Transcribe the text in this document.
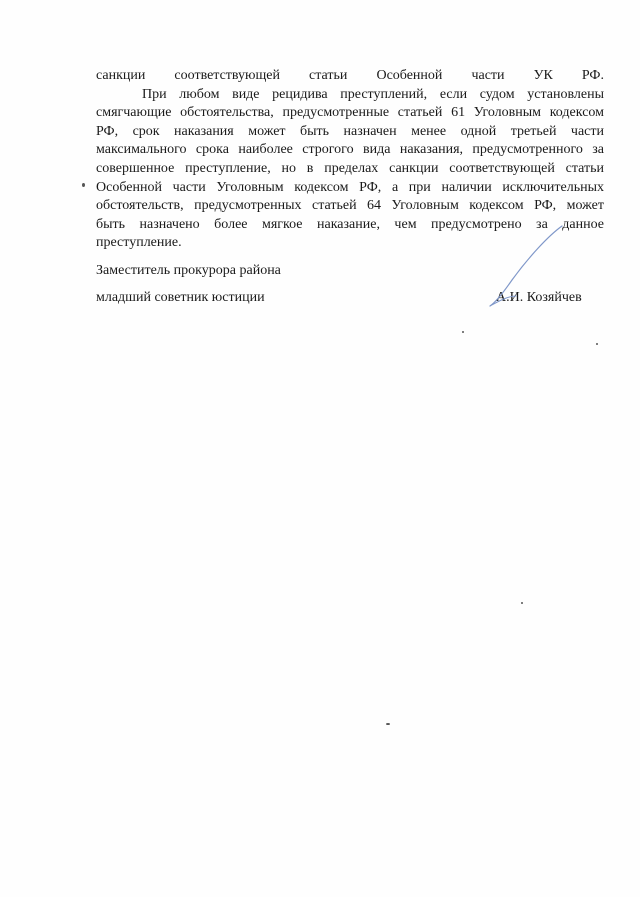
санкции соответствующей статьи Особенной части УК РФ.
При любом виде рецидива преступлений, если судом установлены
смягчающие обстоятельства, предусмотренные статьей 61 Уголовным кодексом
РФ, срок наказания может быть назначен менее одной третьей части
максимального срока наиболее строгого вида наказания, предусмотренного за
совершенное преступление, но в пределах санкции соответствующей статьи
Особенной части Уголовным кодексом РФ, а при наличии исключительных
обстоятельств, предусмотренных статьей 64 Уголовным кодексом РФ, может
быть назначено более мягкое наказание, чем предусмотрено за данное
преступление.
Заместитель прокурора района
младший советник юстиции	А.И. Козяйчев
